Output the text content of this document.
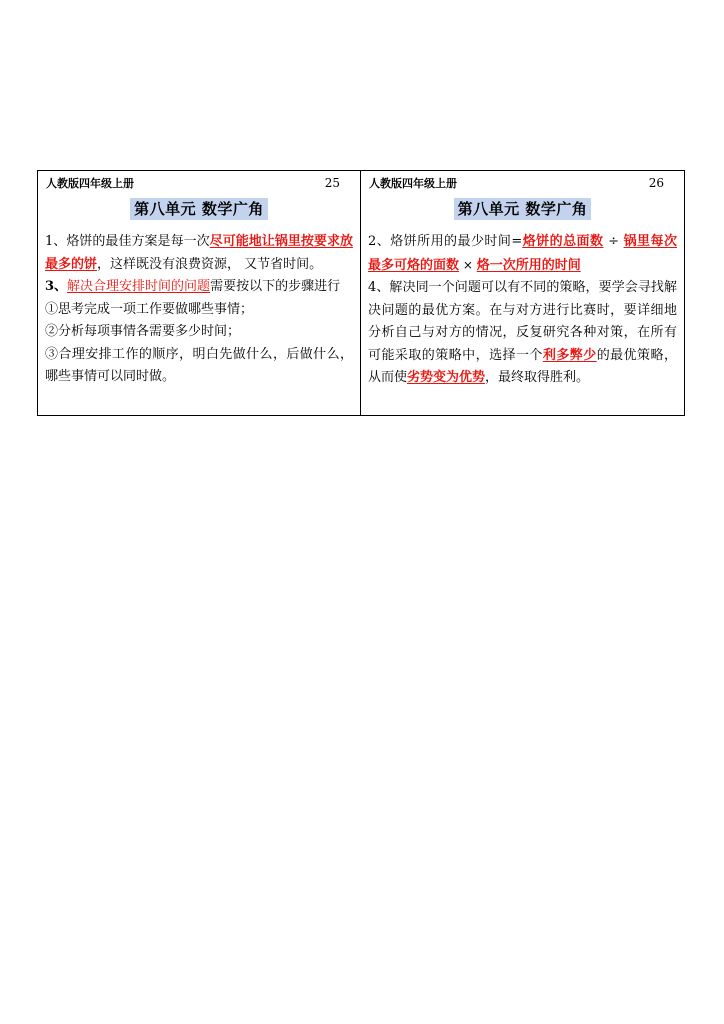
人教版四年级上册	25
第八单元 数学广角

1、烙饼的最佳方案是每一次尽可能地让锅里按要求放最多的饼，这样既没有浪费资源， 又节省时间。

3、解决合理安排时间的问题需要按以下的步骤进行

①思考完成一项工作要做哪些事情；

②分析每项事情各需要多少时间；

③合理安排工作的顺序，明白先做什么，后做什么，哪些事情可以同时做。

人教版四年级上册	26
第八单元 数学广角

2、烙饼所用的最少时间=烙饼的总面数 ÷ 锅里每次最多可烙的面数 × 烙一次所用的时间

4、解决同一个问题可以有不同的策略，要学会寻找解决问题的最优方案。在与对方进行比赛时，要详细地分析自己与对方的情况，反复研究各种对策，在所有可能采取的策略中，选择一个利多弊少的最优策略，从而使劣势变为优势，最终取得胜利。
